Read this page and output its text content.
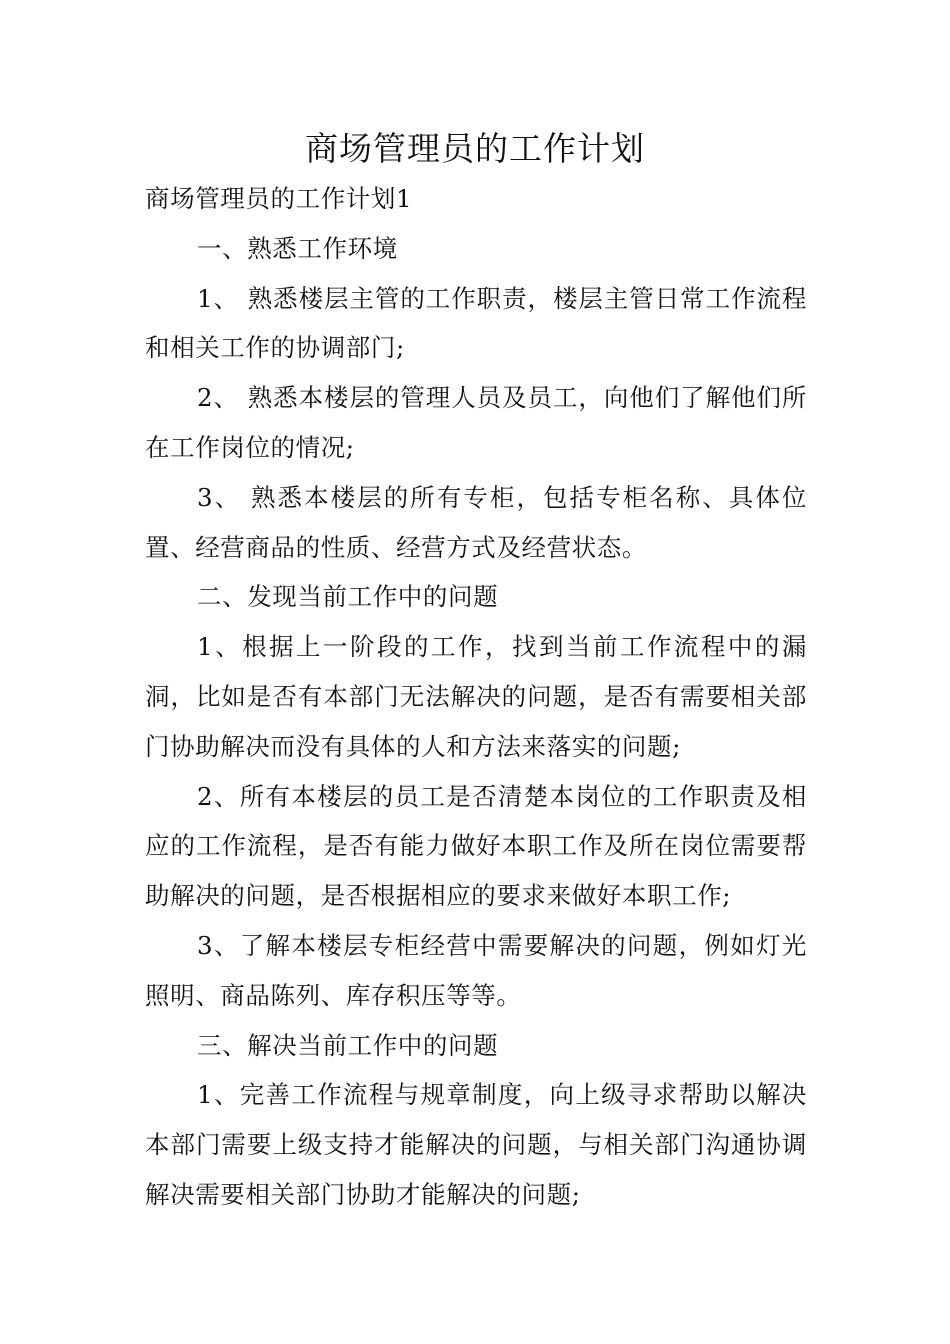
商场管理员的工作计划

商场管理员的工作计划1

一、熟悉工作环境

1、 熟悉楼层主管的工作职责，楼层主管日常工作流程和相关工作的协调部门;

2、 熟悉本楼层的管理人员及员工，向他们了解他们所在工作岗位的情况;

3、 熟悉本楼层的所有专柜，包括专柜名称、具体位置、经营商品的性质、经营方式及经营状态。

二、发现当前工作中的问题

1、根据上一阶段的工作，找到当前工作流程中的漏洞，比如是否有本部门无法解决的问题，是否有需要相关部门协助解决而没有具体的人和方法来落实的问题;

2、所有本楼层的员工是否清楚本岗位的工作职责及相应的工作流程，是否有能力做好本职工作及所在岗位需要帮助解决的问题，是否根据相应的要求来做好本职工作;

3、了解本楼层专柜经营中需要解决的问题，例如灯光照明、商品陈列、库存积压等等。

三、解决当前工作中的问题

1、完善工作流程与规章制度，向上级寻求帮助以解决本部门需要上级支持才能解决的问题，与相关部门沟通协调解决需要相关部门协助才能解决的问题;
